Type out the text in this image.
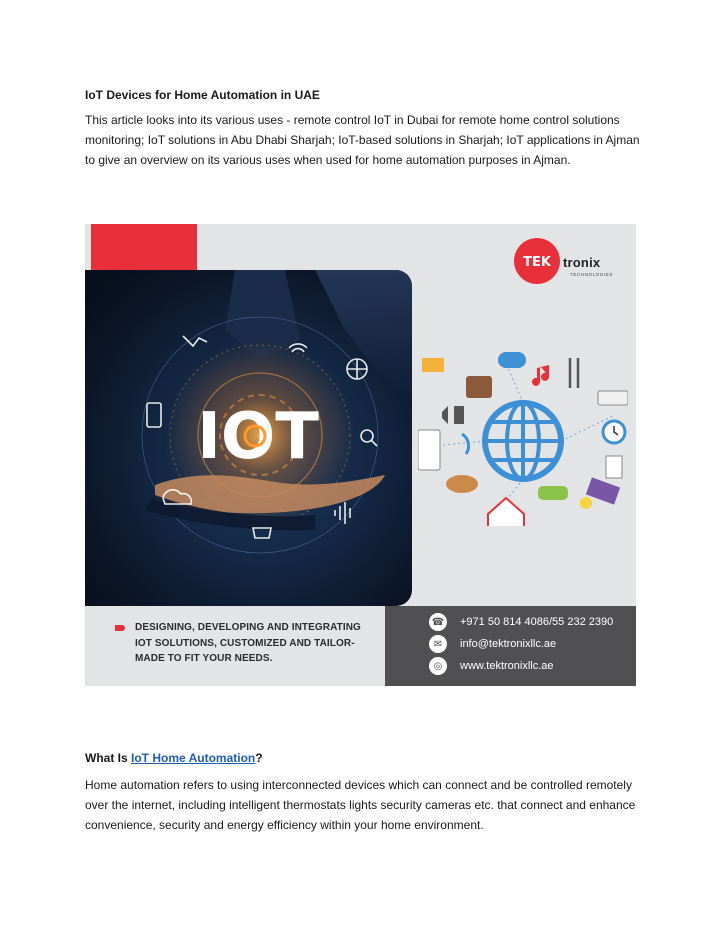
IoT Devices for Home Automation in UAE
This article looks into its various uses - remote control IoT in Dubai for remote home control solutions monitoring; IoT solutions in Abu Dhabi Sharjah; IoT-based solutions in Sharjah; IoT applications in Ajman to give an overview on its various uses when used for home automation purposes in Ajman.
IOT
TEK tronix
TECHNOLOGIES
DESIGNING, DEVELOPING AND INTEGRATING IOT SOLUTIONS, CUSTOMIZED AND TAILOR-MADE TO FIT YOUR NEEDS.
☎ +971 50 814 4086/55 232 2390
✉	info@tektronixllc.ae
◎	www.tektronixllc.ae
What Is IoT Home Automation?
Home automation refers to using interconnected devices which can connect and be controlled remotely over the internet, including intelligent thermostats lights security cameras etc. that connect and enhance convenience, security and energy efficiency within your home environment.
